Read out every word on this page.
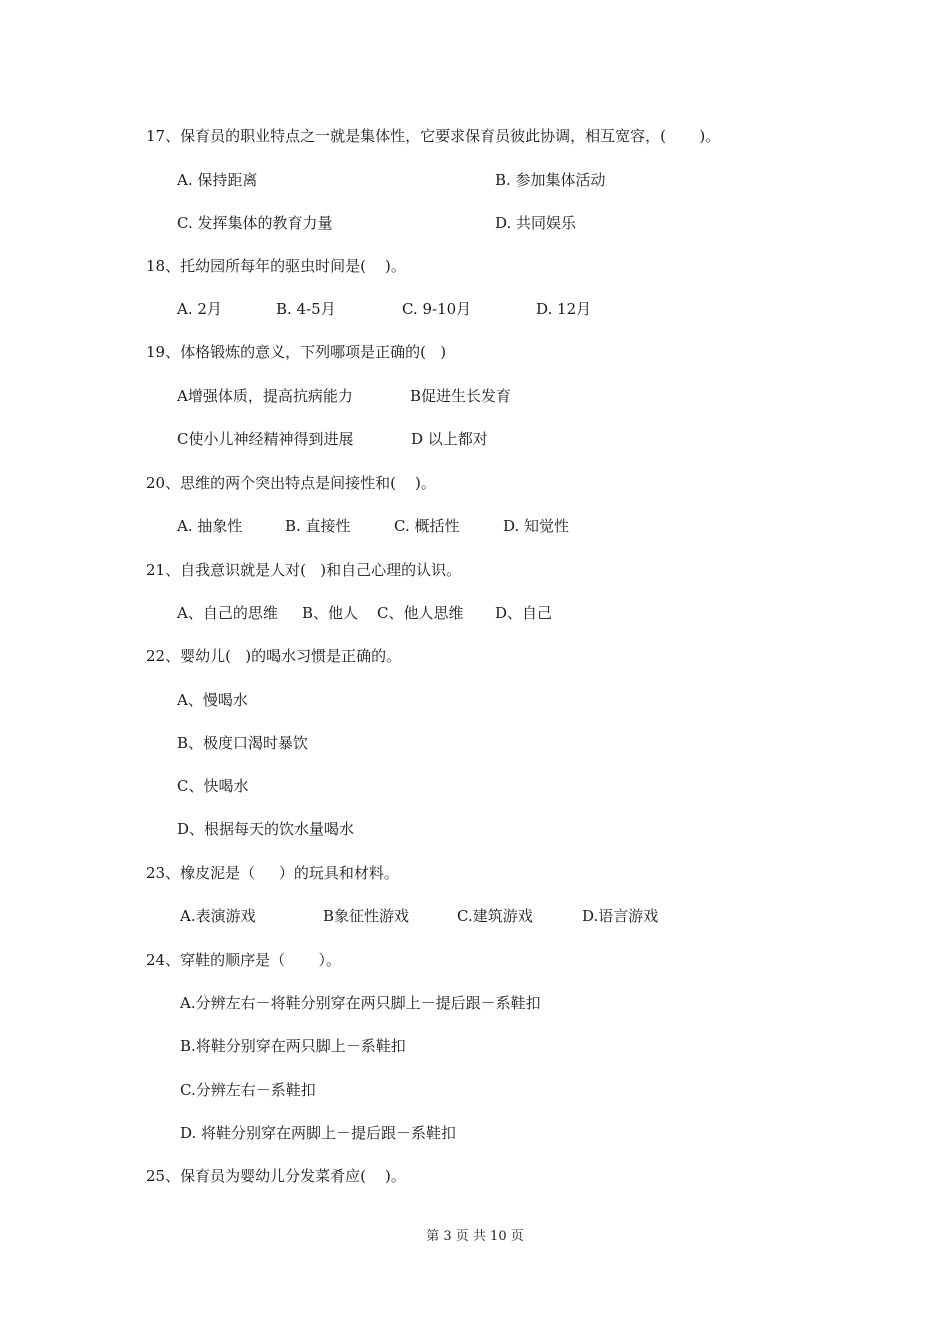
17、保育员的职业特点之一就是集体性，它要求保育员彼此协调，相互宽容，(       )。
A. 保持距离	B. 参加集体活动
C. 发挥集体的教育力量	D. 共同娱乐
18、托幼园所每年的驱虫时间是(    )。
A. 2月	B. 4-5月	C. 9-10月	D. 12月
19、体格锻炼的意义，下列哪项是正确的(   )
A增强体质，提高抗病能力	B促进生长发育
C使小儿神经精神得到进展	D 以上都对
20、思维的两个突出特点是间接性和(    )。
A. 抽象性	B. 直接性	C. 概括性	D. 知觉性
21、自我意识就是人对(   )和自己心理的认识。
A、自己的思维 B、他人 C、他人思维 D、自己
22、婴幼儿(   )的喝水习惯是正确的。
A、慢喝水
B、极度口渴时暴饮
C、快喝水
D、根据每天的饮水量喝水
23、橡皮泥是（     ）的玩具和材料。
A.表演游戏	B象征性游戏	C.建筑游戏	D.语言游戏
24、穿鞋的顺序是（       ）。
A.分辨左右－将鞋分别穿在两只脚上－提后跟－系鞋扣
B.将鞋分别穿在两只脚上－系鞋扣
C.分辨左右－系鞋扣
D. 将鞋分别穿在两脚上－提后跟－系鞋扣
25、保育员为婴幼儿分发菜肴应(    )。
第 3 页 共 10 页
